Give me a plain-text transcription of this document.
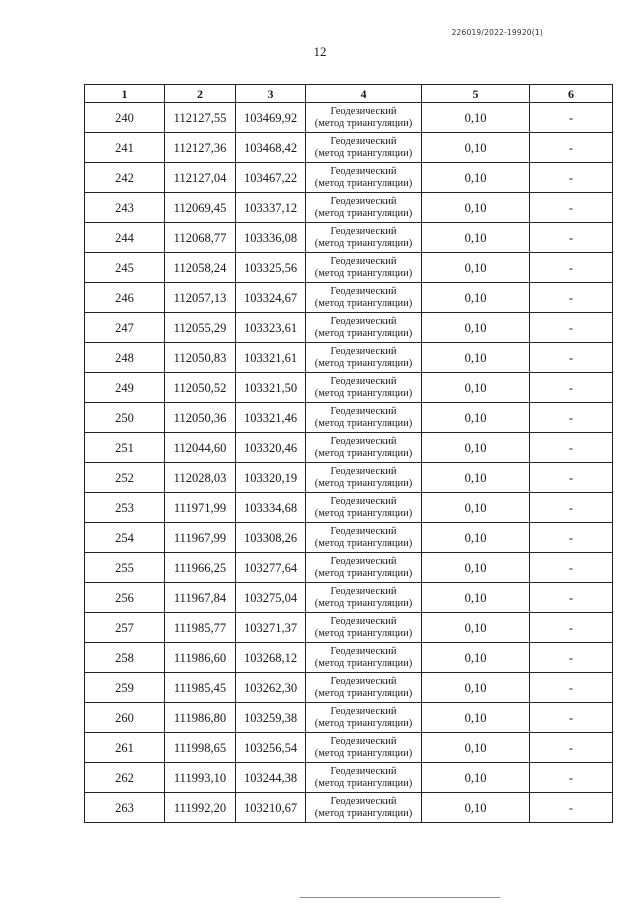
226019/2022-19920(1)
12
1	2	3	4	5	6
240	112127,55	103469,92	Геодезический
(метод триангуляции)	0,10	-
241	112127,36	103468,42	Геодезический
(метод триангуляции)	0,10	-
242	112127,04	103467,22	Геодезический
(метод триангуляции)	0,10	-
243	112069,45	103337,12	Геодезический
(метод триангуляции)	0,10	-
244	112068,77	103336,08	Геодезический
(метод триангуляции)	0,10	-
245	112058,24	103325,56	Геодезический
(метод триангуляции)	0,10	-
246	112057,13	103324,67	Геодезический
(метод триангуляции)	0,10	-
247	112055,29	103323,61	Геодезический
(метод триангуляции)	0,10	-
248	112050,83	103321,61	Геодезический
(метод триангуляции)	0,10	-
249	112050,52	103321,50	Геодезический
(метод триангуляции)	0,10	-
250	112050,36	103321,46	Геодезический
(метод триангуляции)	0,10	-
251	112044,60	103320,46	Геодезический
(метод триангуляции)	0,10	-
252	112028,03	103320,19	Геодезический
(метод триангуляции)	0,10	-
253	111971,99	103334,68	Геодезический
(метод триангуляции)	0,10	-
254	111967,99	103308,26	Геодезический
(метод триангуляции)	0,10	-
255	111966,25	103277,64	Геодезический
(метод триангуляции)	0,10	-
256	111967,84	103275,04	Геодезический
(метод триангуляции)	0,10	-
257	111985,77	103271,37	Геодезический
(метод триангуляции)	0,10	-
258	111986,60	103268,12	Геодезический
(метод триангуляции)	0,10	-
259	111985,45	103262,30	Геодезический
(метод триангуляции)	0,10	-
260	111986,80	103259,38	Геодезический
(метод триангуляции)	0,10	-
261	111998,65	103256,54	Геодезический
(метод триангуляции)	0,10	-
262	111993,10	103244,38	Геодезический
(метод триангуляции)	0,10	-
263	111992,20	103210,67	Геодезический
(метод триангуляции)	0,10	-
